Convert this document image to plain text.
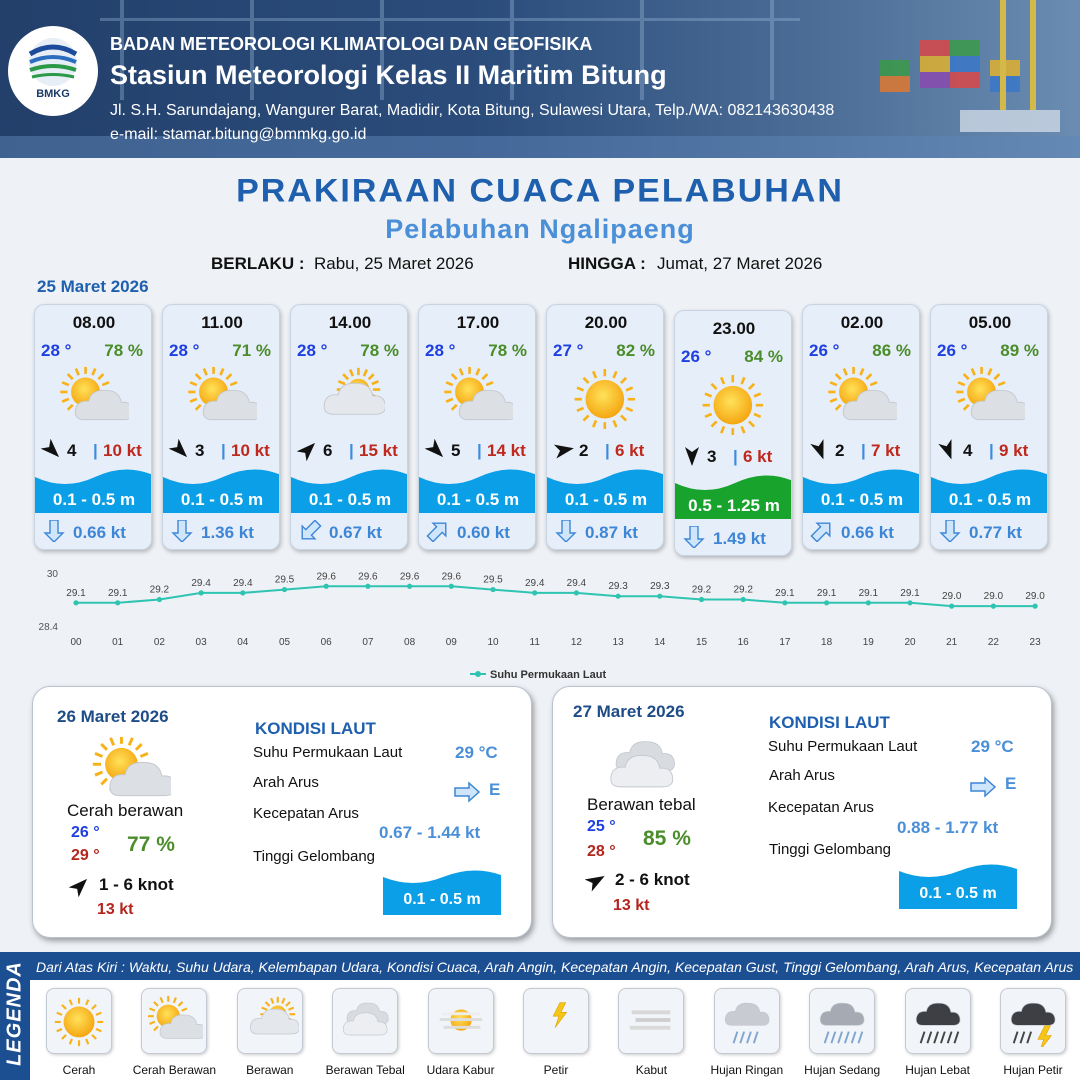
BMKG
BADAN METEOROLOGI KLIMATOLOGI DAN GEOFISIKA
Stasiun Meteorologi Kelas II Maritim Bitung
Jl. S.H. Sarundajang, Wangurer Barat, Madidir, Kota Bitung, Sulawesi Utara, Telp./WA: 082143630438
e-mail: stamar.bitung@bmmkg.go.id
PRAKIRAAN CUACA PELABUHAN
Pelabuhan Ngalipaeng
BERLAKU : Rabu, 25 Maret 2026	HINGGA : Jumat, 27 Maret 2026
25 Maret 2026
08.00
28 ° 78 %
4 | 10 kt
0.1 - 0.5 m
0.66 kt
11.00
28 ° 71 %
3 | 10 kt
0.1 - 0.5 m
1.36 kt
14.00
28 ° 78 %
6 | 15 kt
0.1 - 0.5 m
0.67 kt
17.00
28 ° 78 %
5 | 14 kt
0.1 - 0.5 m
0.60 kt
20.00
27 ° 82 %
2 | 6 kt
0.1 - 0.5 m
0.87 kt
23.00
26 ° 84 %
3 | 6 kt
0.5 - 1.25 m
1.49 kt
02.00
26 ° 86 %
2 | 7 kt
0.1 - 0.5 m
0.66 kt
05.00
26 ° 89 %
4 | 9 kt
0.1 - 0.5 m
0.77 kt
30
28.4
29.1
00
29.1
01
29.2
02
29.4
03
29.4
04
29.5
05
29.6
06
29.6
07
29.6
08
29.6
09
29.5
10
29.4
11
29.4
12
29.3
13
29.3
14
29.2
15
29.2
16
29.1
17
29.1
18
29.1
19
29.1
20
29.0
21
29.0
22
29.0
23
Suhu Permukaan Laut
26 Maret 2026
Cerah berawan
26 °
29 ° 77 %
1 - 6 knot
13 kt
KONDISI LAUT
Suhu Permukaan Laut	29 °C
Arah Arus	E
Kecepatan Arus
0.67 - 1.44 kt
Tinggi Gelombang
0.1 - 0.5 m
27 Maret 2026
Berawan tebal
25 °
28 °
85 %
2 - 6 knot
13 kt
KONDISI LAUT
Suhu Permukaan Laut	29 °C
Arah Arus	E
Kecepatan Arus
0.88 - 1.77 kt
Tinggi Gelombang
0.1 - 0.5 m
LEGENDA Dari Atas Kiri : Waktu, Suhu Udara, Kelembapan Udara, Kondisi Cuaca, Arah Angin, Kecepatan Angin, Kecepatan Gust, Tinggi Gelombang, Arah Arus, Kecepatan Arus
Cerah	Cerah Berawan	Berawan	Berawan Tebal	Udara Kabur	Petir	Kabut	Hujan Ringan	Hujan Sedang	Hujan Lebat	Hujan Petir
